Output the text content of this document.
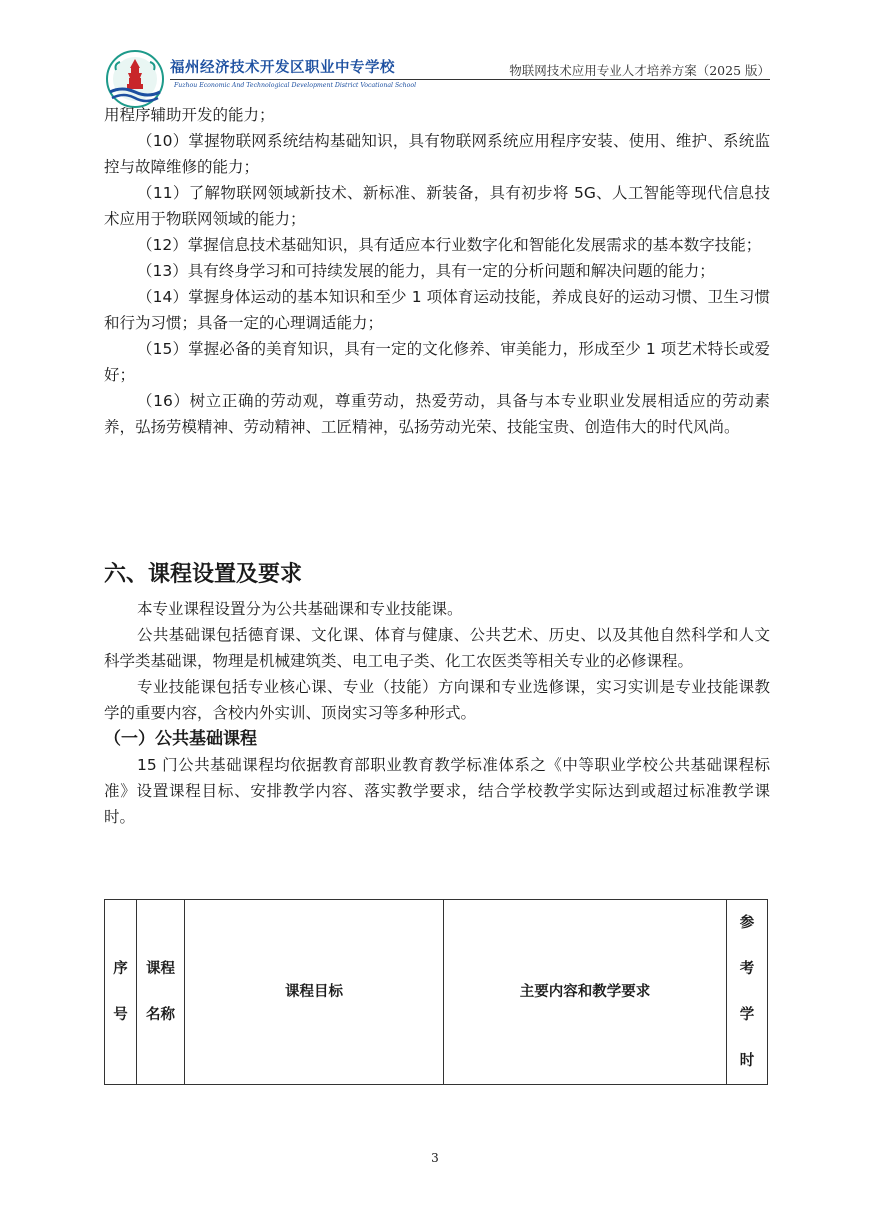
福州经济技术开发区职业中专学校
Fuzhou Economic And Technological Development District Vocational School
物联网技术应用专业人才培养方案（2025 版）

用程序辅助开发的能力；

（10）掌握物联网系统结构基础知识，具有物联网系统应用程序安装、使用、维护、系统监控与故障维修的能力；

（11）了解物联网领域新技术、新标准、新装备，具有初步将 5G、人工智能等现代信息技术应用于物联网领域的能力；

（12）掌握信息技术基础知识，具有适应本行业数字化和智能化发展需求的基本数字技能；

（13）具有终身学习和可持续发展的能力，具有一定的分析问题和解决问题的能力；

（14）掌握身体运动的基本知识和至少 1 项体育运动技能，养成良好的运动习惯、卫生习惯和行为习惯；具备一定的心理调适能力；

（15）掌握必备的美育知识，具有一定的文化修养、审美能力，形成至少 1 项艺术特长或爱好；

（16）树立正确的劳动观，尊重劳动，热爱劳动，具备与本专业职业发展相适应的劳动素养，弘扬劳模精神、劳动精神、工匠精神，弘扬劳动光荣、技能宝贵、创造伟大的时代风尚。

六、课程设置及要求

本专业课程设置分为公共基础课和专业技能课。

公共基础课包括德育课、文化课、体育与健康、公共艺术、历史、以及其他自然科学和人文科学类基础课，物理是机械建筑类、电工电子类、化工农医类等相关专业的必修课程。

专业技能课包括专业核心课、专业（技能）方向课和专业选修课，实习实训是专业技能课教学的重要内容，含校内外实训、顶岗实习等多种形式。

（一）公共基础课程

15 门公共基础课程均依据教育部职业教育教学标准体系之《中等职业学校公共基础课程标准》设置课程目标、安排教学内容、落实教学要求，结合学校教学实际达到或超过标准教学课时。

序号	课程名称	课程目标	主要内容和教学要求	参考学时
3
